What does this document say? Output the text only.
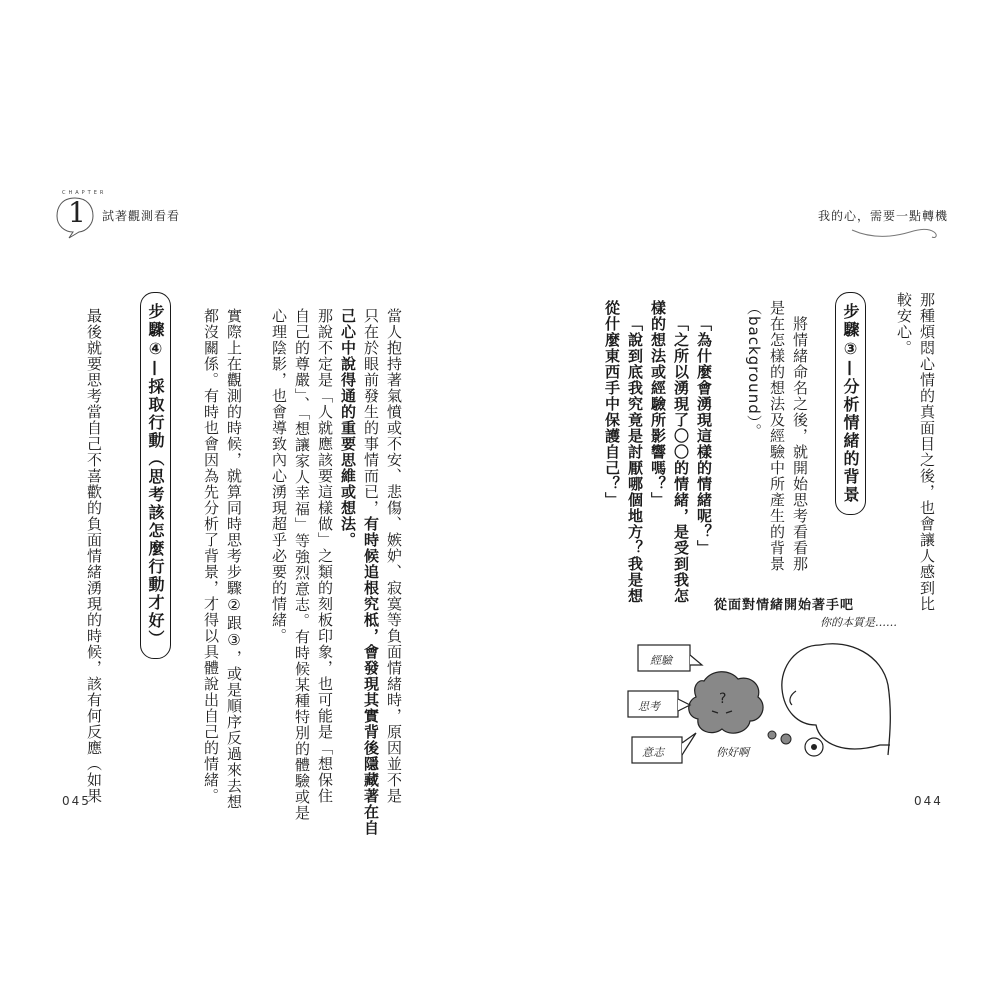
CHAPTER
1 試著觀測看看
當人抱持著氣憤或不安、悲傷、嫉妒、寂寞等負面情緒時，原因並不是
只在於眼前發生的事情而已，有時候追根究柢，會發現其實背後隱藏著在自
己心中說得通的重要思維或想法。
那說不定是「人就應該要這樣做」之類的刻板印象，也可能是「想保住
自己的尊嚴」、「想讓家人幸福」等強烈意志。有時候某種特別的體驗或是
心理陰影，也會導致內心湧現超乎必要的情緒。
實際上在觀測的時候，就算同時思考步驟②跟③，或是順序反過來去想
都沒關係。有時也會因為先分析了背景，才得以具體說出自己的情緒。
步驟④—採取行動（思考該怎麼行動才好）
最後就要思考當自己不喜歡的負面情緒湧現的時候，該有何反應（如果
045
我的心，需要一點轉機
那種煩悶心情的真面目之後，也會讓人感到比
較安心。
步驟③—分析情緒的背景
將情緒命名之後，就開始思考看看那
是在怎樣的想法及經驗中所產生的背景
（background）。
「為什麼會湧現這樣的情緒呢？」
「之所以湧現了〇〇的情緒，是受到我怎
樣的想法或經驗所影響嗎？」
「說到底我究竟是討厭哪個地方？我是想
從什麼東西手中保護自己？」
從面對情緒開始著手吧
你的本質是……
?
經驗
思考
意志	你好啊
044
